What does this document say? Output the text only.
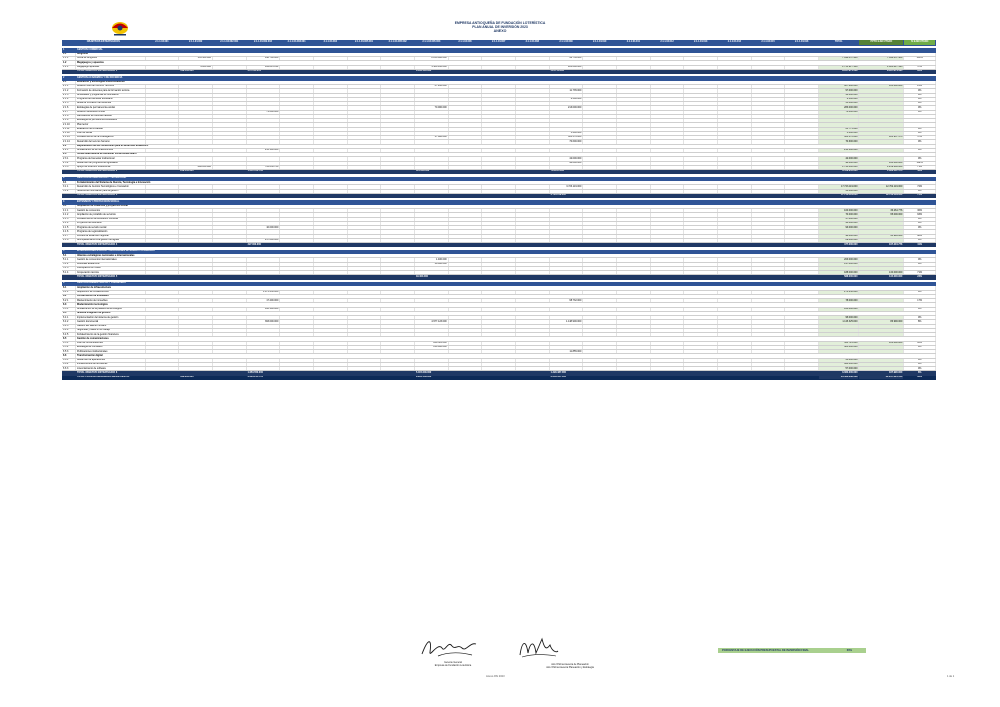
EMPRESA ANTIOQUEÑA DE FUNDACIÓN LOTERÍSTICA
PLAN ANUAL DE INVERSIÓN 2023
ANEXO
OBJETIVOS ESTRATÉGICOS		2.1.1.04.001	2.1.1.04.002	2.1.1.04.002.001	2.1.1.04.002.002	2.1.1.04.003.001	2.1.1.04.004	2.1.1.04.005.001	2.1.1.04.005.002	2.1.1.04.005.003	2.1.1.04.006	2.1.1.04.007	2.1.1.04.008	2.1.1.04.009	2.1.1.04.010	2.1.1.04.011	2.1.1.04.012	2.1.1.04.013	2.1.1.04.014	2.1.1.04.015	2.1.1.04.016	TOTAL	PPTO EJECUTADO	% EJECUTADO

1	GESTIÓN COMERCIAL																							
1.1	Bingoloto																							
1 1 1	Venta de Bingoloto		135.500.000		168.700.000					2.256.000.000				96.756.000								7.092.057.400	7.092.057.400	100%
1.2	Megajuegos y apuestas																							
1 2 1	Megajuego apuestas		4.000.000		102.815.014					1.100.100.000				405.000.000								1.755.917.139	1.005.817.195	57%
	TOTAL OBJETIVO ESTRATÉGICO 1		139.500.000		271.515.014					3.356.100.000				501.756.000								8.847.974.539	8.097.874.595	92%

2	GESTIÓN ACADÉMICA Y DE DOCENCIA																							
2.1	Educación y tecnologías transformadoras																							
2 1 1	Dotación Red de Centros Técnicos									37.200.000												427.200.000	105.000.000	25%
2 1 2	Formación de docentes para la formación técnica													11.735.000								97.000.000		0%
2 1 3	Actividades y programas de orientación																					58.000.000		0%
2 1 4	Programa de bienestar estudiantil													2.500.000								2.500.000		0%
2 1 5	Bolsa de formación de docentes																					55.000.000		0%
2 1 6	Estrategias de permanencia escolar									70.000.000				213.000.000								283.000.000		0%
2 1 7	Dotación Biblioteca Virtual				71.000.000																	71.000.000		0%
2 1 8	Laboratorios de ciencias básicas																							
2 1 9	Estrategia de permanencia estudiantil																							
2 1 10	Plan lector																							
2 1 11	Evaluación de la calidad																					65.775.000		0%
2 1 12	Plan de becas													5.400.000								5.400.000		0%
2 1 13	Fortalecimiento de la investigación									17.800.000				305.570.000								323.370.000	183.937.175	57%
2 1 14	Desarrollo del recurso humano													70.600.000								70.600.000		0%
2.2	Mejoramiento de las condiciones para el desarrollo académico																							
2 2 1	Actualización de la infraestructura				215.100.000																	215.100.000		0%
2.3	Universidad abierta de Bienestar social universitario																							
2 3 1	Programa de bienestar institucional													42.000.000								42.000.000		0%
2 3 2	Desarrollo del programa de egresados													98.000.000								98.000.000	100.000.000	102%
2 3 3	Apoyo de la acción institucional		209.100.000		765.050.700																	1.745.000.000	1.239.200.000	71%
	TOTAL OBJETIVO ESTRATÉGICO 2		209.100.000		1.051.150.700					125.000.000				764.205.000								3.559.945.000	1.628.137.175	46%

3	GESTIÓN DE INNOVACIÓN Y TECNOLOGÍA																							
3.1	Fortalecimiento del Sistema de Ciencia, Tecnología e Innovación																							
3 1 1	Desarrollo de Centros Tecnológicos e Innovación													3.723.119.000								17.723.119.000	12.702.119.000	72%
3 1 2	Sistema de información para la gestión																					30.000.000		0%
	TOTAL OBJETIVO ESTRATÉGICO 3													3.723.119.000								17.753.119.000	12.702.119.000	72%

4	EXTENSIÓN Y PROYECCIÓN SOCIAL																							
4.1	Ampliación de cobertura y proyección social																							
4 1 1	Gestión de convenios																					100.000.000	36.264.776	36%
4 1 2	Ampliación de portafolio de servicios																					70.000.000	65.000.000	93%
4 1 3	Fortalecimiento de educación continua																					47.000.000		0%
4 1 4	Proyectos de extensión																					40.000.000		0%
4 1 5	Programa de servicio social				10.000.000																	93.000.000		0%
4 1 6	Programa de regionalización																							
4 1 7	Fondos de desarrollo regional																					98.000.000	95.940.000	98%
4 1 8	Acompañamiento a la gestión de aguas				217.000.000																	29.000.000		0%
	TOTAL OBJETIVO ESTRATÉGICO 4				227.000.000																	477.000.000	197.204.776	41%

5	INTERNACIONALIZACIÓN Y RELACIONES INTERINSTITUCIONALES																							
5.1	Alianzas estratégicas nacionales e internacionales																							
5 1 1	Gestión de convenios internacionales									1.400.000												203.000.000		0%
5 1 2	Movilidad académica									18.000.000												197.000.000		0%
5 1 3	Participación en redes																							
5 1 4	Cooperación técnica																					188.000.000	134.000.000	71%
	TOTAL OBJETIVO ESTRATÉGICO 5									19.400.000												588.000.000	134.000.000	23%

6	GESTIÓN ADMINISTRATIVA Y FINANCIERA																							
6.1	Ampliación de infraestructura																							
6 1 1	Adquisición de infraestructura				1.173.250.000																	271.250.000		0%
6.2	Conservación de inmuebles																							
6 2 1	Mantenimiento de inmuebles				17.200.000									68.732.000								78.000.000		17%
6.3	Modernización tecnológica																							
6 3 1	Actualización de la plataforma tecnológica				100.100.000																	100.000.000		0%
6.4	Sistema integrado de gestión																							
6 4 1	Implementación del sistema de gestión																					95.000.000		0%
6 4 2	Gestión documental				363.000.000					4.977.123.000				1.148.900.000								1.115.325.000	86.990.000	8%
6 4 3	Gestión del talento humano																							
6 4 4	Seguridad y salud en el trabajo																							
6 4 5	Fortalecimiento de la gestión financiera																							
6.5	Gestión de comunicaciones																							
6 5 1	Plan de comunicaciones									228.525.000												563.725.000	101.000.000	18%
6 5 2	Estrategia de mercadeo									210.000.000												385.000.000		0%
6 5 3	Publicaciones institucionales													11.855.000										
6.6	Transformación digital																							
6 6 1	Desarrollo de aplicaciones																					35.000.000		0%
6 6 2	Infraestructura de servidores																					460.000.000		0%
6 6 3	Licenciamiento de software																					57.000.000		0%
	TOTAL OBJETIVO ESTRATÉGICO 6				1.653.550.000					5.415.648.000				1.229.487.000								3.360.300.000	187.990.000	6%
	TOTAL PLAN DE INVERSIÓN PRESUPUESTAL		348.600.000		3.203.215.714					8.916.148.000				6.218.567.000								34.586.338.539	22.947.325.546	66%
PORCENTAJE DE EJECUCIÓN PRESUPUESTAL DE INVERSIÓN FINAL	66%
Gerente General
Empresa de Fundación Loterística	Jefe Oficina Asesora de Planeación
Jefe Oficina Asesora Planeación y Estrategia
Anexo PAI 2023	1 de 1
